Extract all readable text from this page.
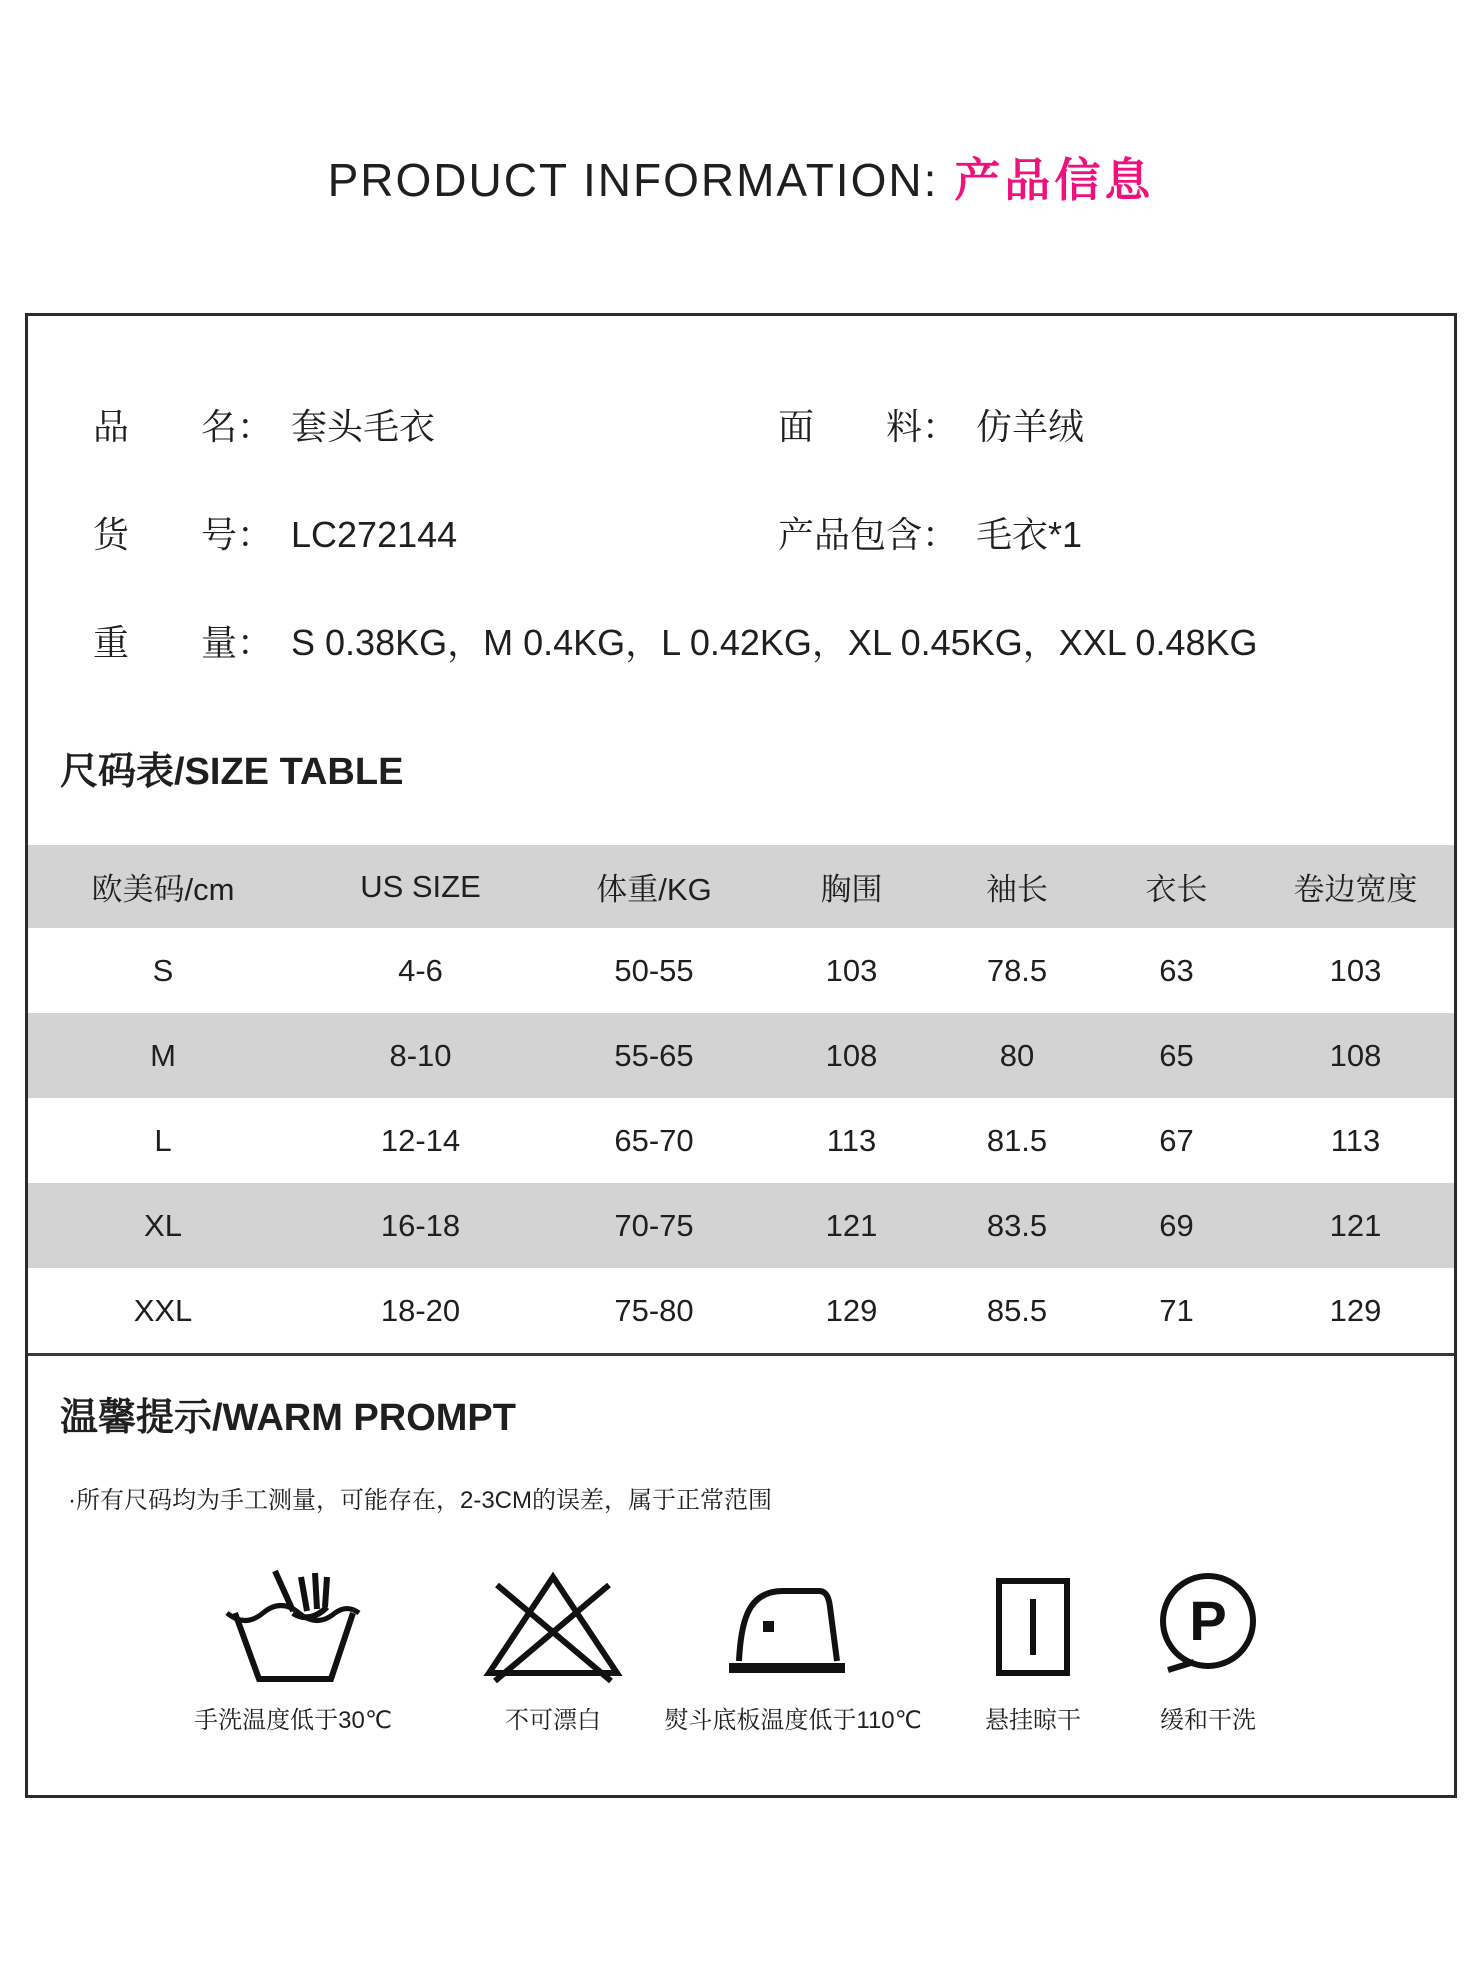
PRODUCT INFORMATION: 产品信息
品　　名： 套头毛衣	面　　料： 仿羊绒
货　　号： LC272144	产品包含： 毛衣*1
重　　量： S 0.38KG，M 0.4KG，L 0.42KG，XL 0.45KG，XXL 0.48KG
尺码表/SIZE TABLE
欧美码/cm	US SIZE	体重/KG	胸围	袖长	衣长	卷边宽度
S	4-6	50-55	103	78.5	63	103
M	8-10	55-65	108	80	65	108
L	12-14	65-70	113	81.5	67	113
XL	16-18	70-75	121	83.5	69	121
XXL	18-20	75-80	129	85.5	71	129
温馨提示/WARM PROMPT
·所有尺码均为手工测量，可能存在，2-3CM的误差，属于正常范围
P
手洗温度低于30℃	不可漂白	熨斗底板温度低于110℃	悬挂晾干	缓和干洗
